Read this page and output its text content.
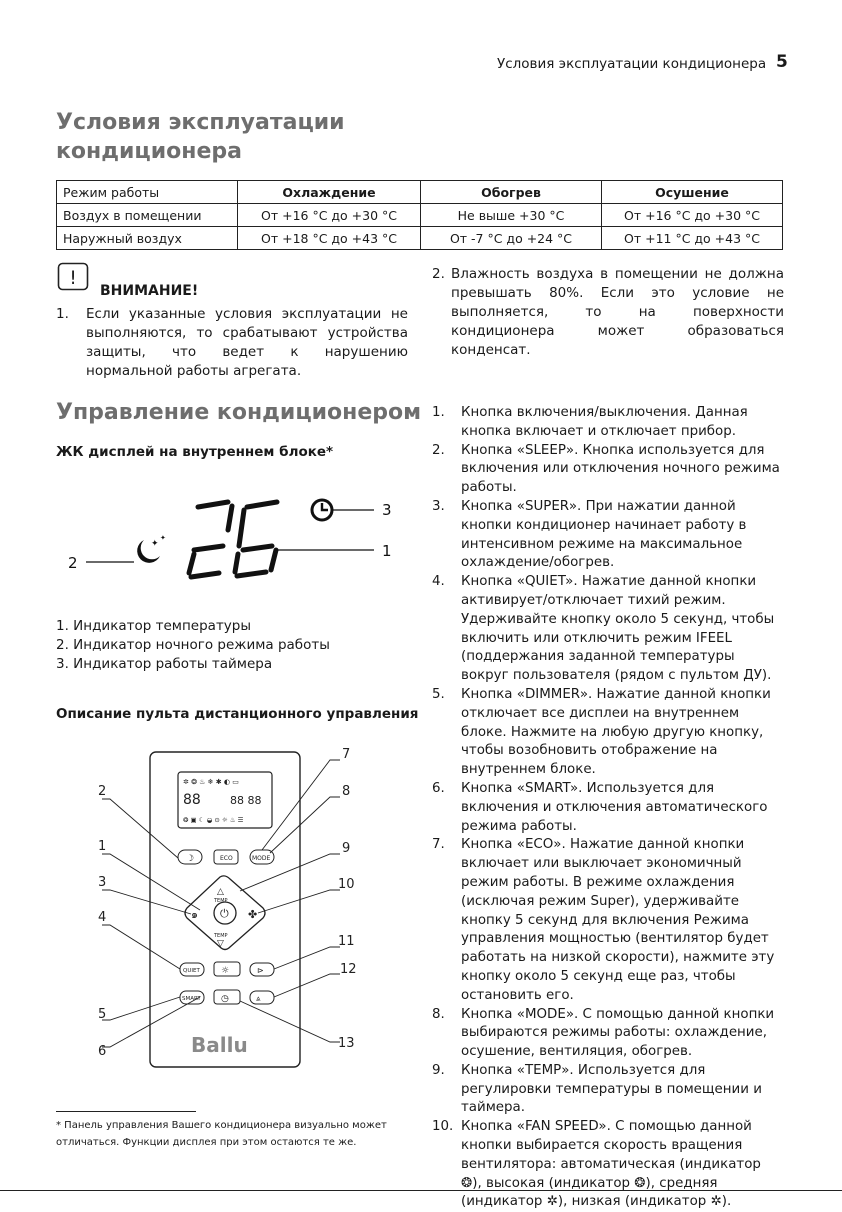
Условия эксплуатации кондиционера 5
Условия эксплуатации
кондиционера
Режим работы	Охлаждение	Обогрев	Осушение
Воздух в помещении	От +16 °С до +30 °С	Не выше +30 °С	От +16 °С до +30 °С
Наружный воздух	От +18 °С до +43 °С	От -7 °С до +24 °С	От +11 °С до +43 °С
!
ВНИМАНИЕ!
1.	Если указанные условия эксплуатации не выполняются, то срабатывают устройства защиты, что ведет к нарушению нормальной работы агрегата.
2. Влажность воздуха в помещении не должна превышать 80%. Если это условие не выполняется, то на поверхности кондиционера может образоваться конденсат.
Управление кондиционером
ЖК дисплей на внутреннем блоке*
26
✦
✦
3
1
2
1. Индикатор температуры
2. Индикатор ночного режима работы
3. Индикатор работы таймера
Описание пульта дистанционного управления
✲ ❂ ♨ ❄ ✱ ◐ ▭
88	88 88
❂ ▣ ☾ ◒ ⊙ ☼ ♨ ☰
☽	ECO	MODE
△
TEMP
⏻
๑	✤
TEMP
▽
QUIET ☼	⊳
SMART ◷	⩓
Ballu
2
1
3
4
5
6
7
8
9
10
11
12
13
* Панель управления Вашего кондиционера визуально может отличаться. Функции дисплея при этом остаются те же.
1. Кнопка включения/выключения. Данная кнопка включает и отключает прибор.
2. Кнопка «SLEEP». Кнопка используется для включения или отключения ночного режима работы.
3. Кнопка «SUPER». При нажатии данной кнопки кондиционер начинает работу в интенсивном режиме на максимальное охлаждение/обогрев.
4. Кнопка «QUIET». Нажатие данной кнопки активирует/отключает тихий режим. Удерживайте кнопку около 5 секунд, чтобы включить или отключить режим IFEEL (поддержания заданной температуры вокруг пользователя (рядом с пультом ДУ).
5. Кнопка «DIMMER». Нажатие данной кнопки отключает все дисплеи на внутреннем блоке. Нажмите на любую другую кнопку, чтобы возобновить отображение на внутреннем блоке.
6. Кнопка «SMART». Используется для включения и отключения автоматического режима работы.
7. Кнопка «ECO». Нажатие данной кнопки включает или выключает экономичный режим работы. В режиме охлаждения (исключая режим Super), удерживайте кнопку 5 секунд для включения Режима управления мощностью (вентилятор будет работать на низкой скорости), нажмите эту кнопку около 5 секунд еще раз, чтобы остановить его.
8. Кнопка «MODE». С помощью данной кнопки выбираются режимы работы: охлаждение, осушение, вентиляция, обогрев.
9. Кнопка «TEMP». Используется для регулировки температуры в помещении и таймера.
10. Кнопка «FAN SPEED». С помощью данной кнопки выбирается скорость вращения вентилятора: автоматическая (индикатор ❂), высокая (индикатор ❂), средняя (индикатор ✲), низкая (индикатор ✲).
